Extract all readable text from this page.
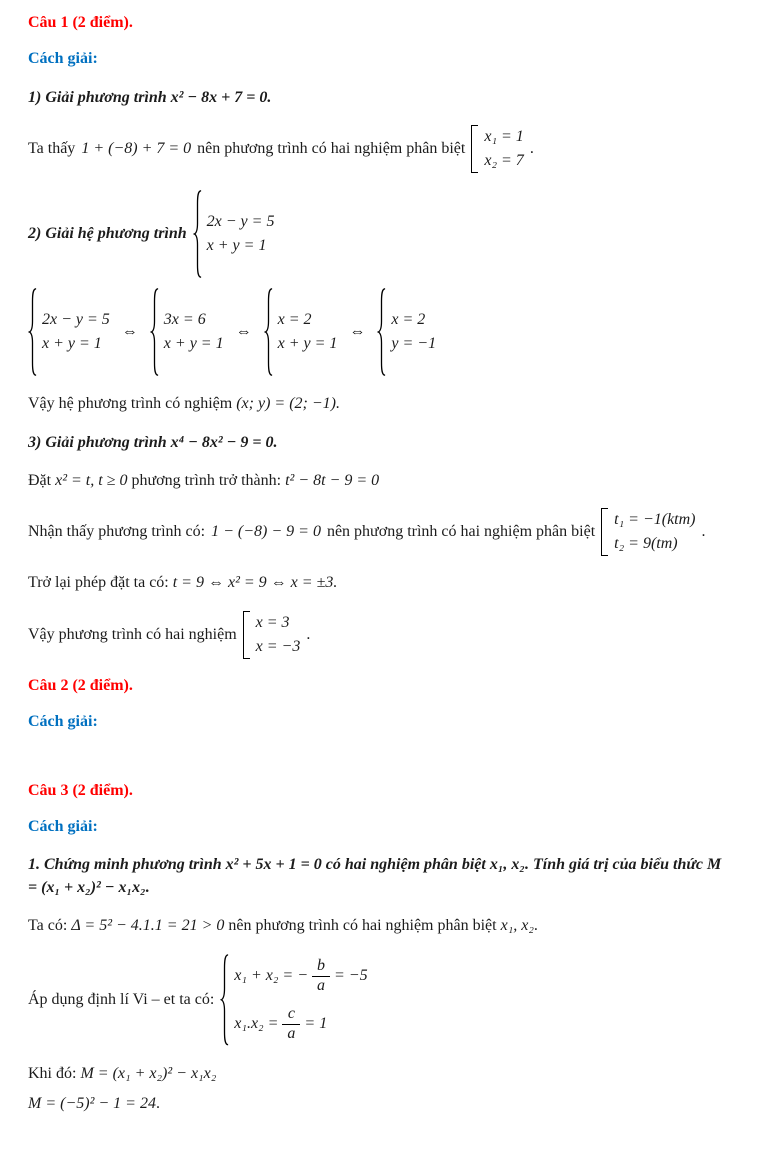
Câu 1 (2 điểm).
Cách giải:

1) Giải phương trình x² − 8x + 7 = 0.

Ta thấy 1 + (−8) + 7 = 0 nên phương trình có hai nghiệm phân biệt
x₁ = 1
x₂ = 7
.

2) Giải hệ phương trình
2x − y = 5
x + y = 1

2x − y = 5
x + y = 1
⇔
3x = 6
x + y = 1
⇔
x = 2
x + y = 1
⇔
x = 2
y = −1

Vậy hệ phương trình có nghiệm (x; y) = (2; −1).

3) Giải phương trình x⁴ − 8x² − 9 = 0.

Đặt x² = t, t ≥ 0 phương trình trở thành: t² − 8t − 9 = 0

Nhận thấy phương trình có: 1 − (−8) − 9 = 0 nên phương trình có hai nghiệm phân biệt
t₁ = −1(ktm)
t₂ = 9(tm)
.

Trở lại phép đặt ta có: t = 9 ⇔ x² = 9 ⇔ x = ±3.

Vậy phương trình có hai nghiệm
x = 3
x = −3
.

Câu 2 (2 điểm).
Cách giải:
Câu 3 (2 điểm).
Cách giải:

1. Chứng minh phương trình x² + 5x + 1 = 0 có hai nghiệm phân biệt x₁, x₂. Tính giá trị của biểu thức M = (x₁ + x₂)² − x₁x₂.

Ta có: Δ = 5² − 4.1.1 = 21 > 0 nên phương trình có hai nghiệm phân biệt x₁, x₂.

Áp dụng định lí Vi – et ta có:
x₁ + x₂ = − $\frac{b}{a} = -5$
$x_1.x_2 = \frac{c}{a} = 1$

Khi đó: M = (x₁ + x₂)² − x₁x₂

M = (−5)² − 1 = 24.
